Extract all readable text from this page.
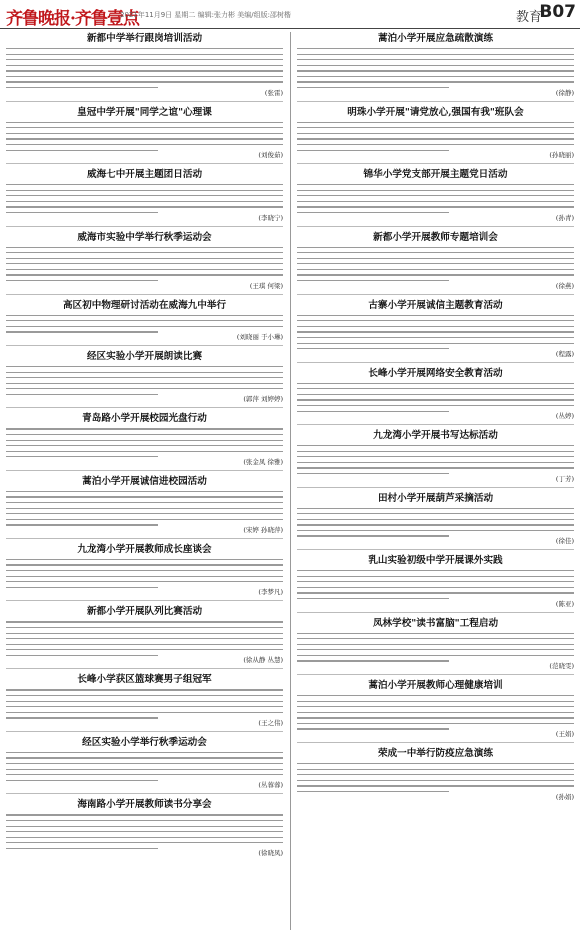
齐鲁晚报·齐鲁壹点
2021年11月9日 星期二 编辑:张力彬 美编/组版:邵树楷	教育
B07
新都中学举行跟岗培训活动
(张雷)
皇冠中学开展"同学之谊"心理课
(刘俊茹)
威海七中开展主题团日活动
(李晓宁)
威海市实验中学举行秋季运动会
(王琪 何梁)
高区初中物理研讨活动在威海九中举行
(刘晓丽 于小琳)
经区实验小学开展朗读比赛
(郭萍 刘婷婷)
青岛路小学开展校园光盘行动
(张金凤 徐雅)
蒿泊小学开展诚信进校园活动
(宋婷 孙晓萍)
九龙湾小学开展教师成长座谈会
(李梦凡)
新都小学开展队列比赛活动
(徐从静 丛慧)
长峰小学获区篮球赛男子组冠军
(王之伟)
经区实验小学举行秋季运动会
(丛蓉蓉)
海南路小学开展教师读书分享会
(徐晓凤)
蒿泊小学开展应急疏散演练
(徐静)
明珠小学开展"请党放心,强国有我"班队会
(孙晓丽)
锦华小学党支部开展主题党日活动
(孙青)
新都小学开展教师专题培训会
(徐燕)
古寨小学开展诚信主题教育活动
(程露)
长峰小学开展网络安全教育活动
(丛婷)
九龙湾小学开展书写达标活动
(丁芳)
田村小学开展葫芦采摘活动
(徐佳)
乳山实验初级中学开展课外实践
(陈亚)
凤林学校"读书富脑"工程启动
(范晓雯)
蒿泊小学开展教师心理健康培训
(王娟)
荣成一中举行防疫应急演练
(孙娟)
